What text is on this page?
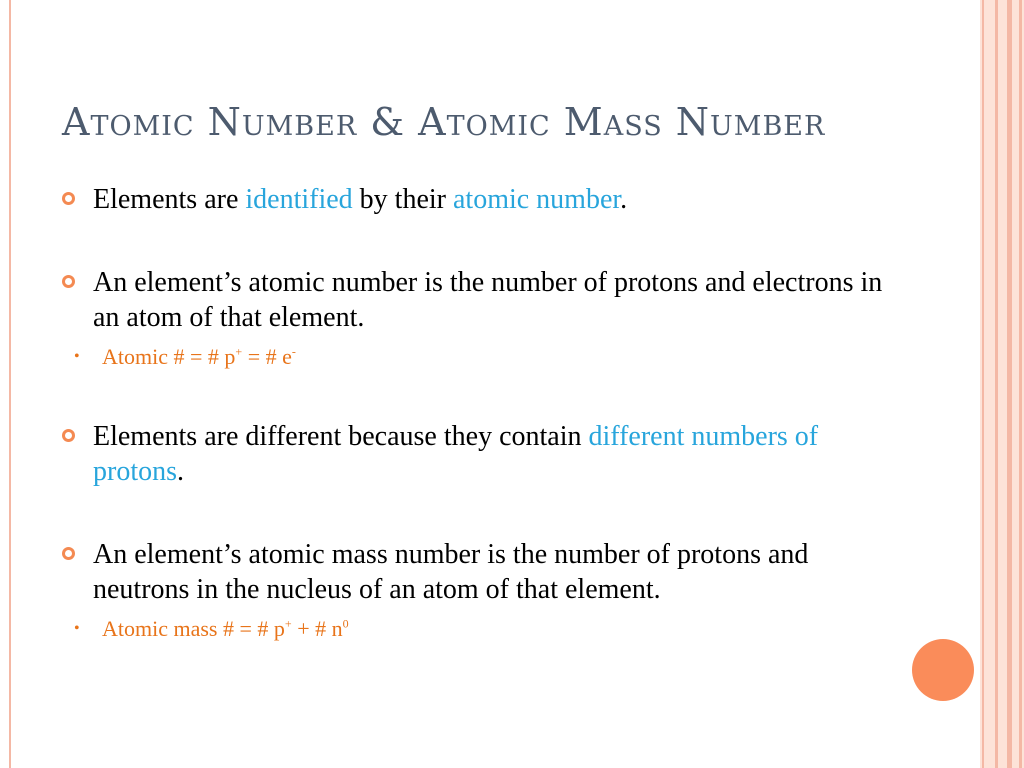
Atomic Number & Atomic Mass Number
Elements are identified by their atomic number.
An element’s atomic number is the number of protons and electrons in an atom of that element.
• Atomic # = # p+ = # e-
Elements are different because they contain different numbers of protons.
An element’s atomic mass number is the number of protons and neutrons in the nucleus of an atom of that element.
• Atomic mass # = # p+ + # $n^0$
